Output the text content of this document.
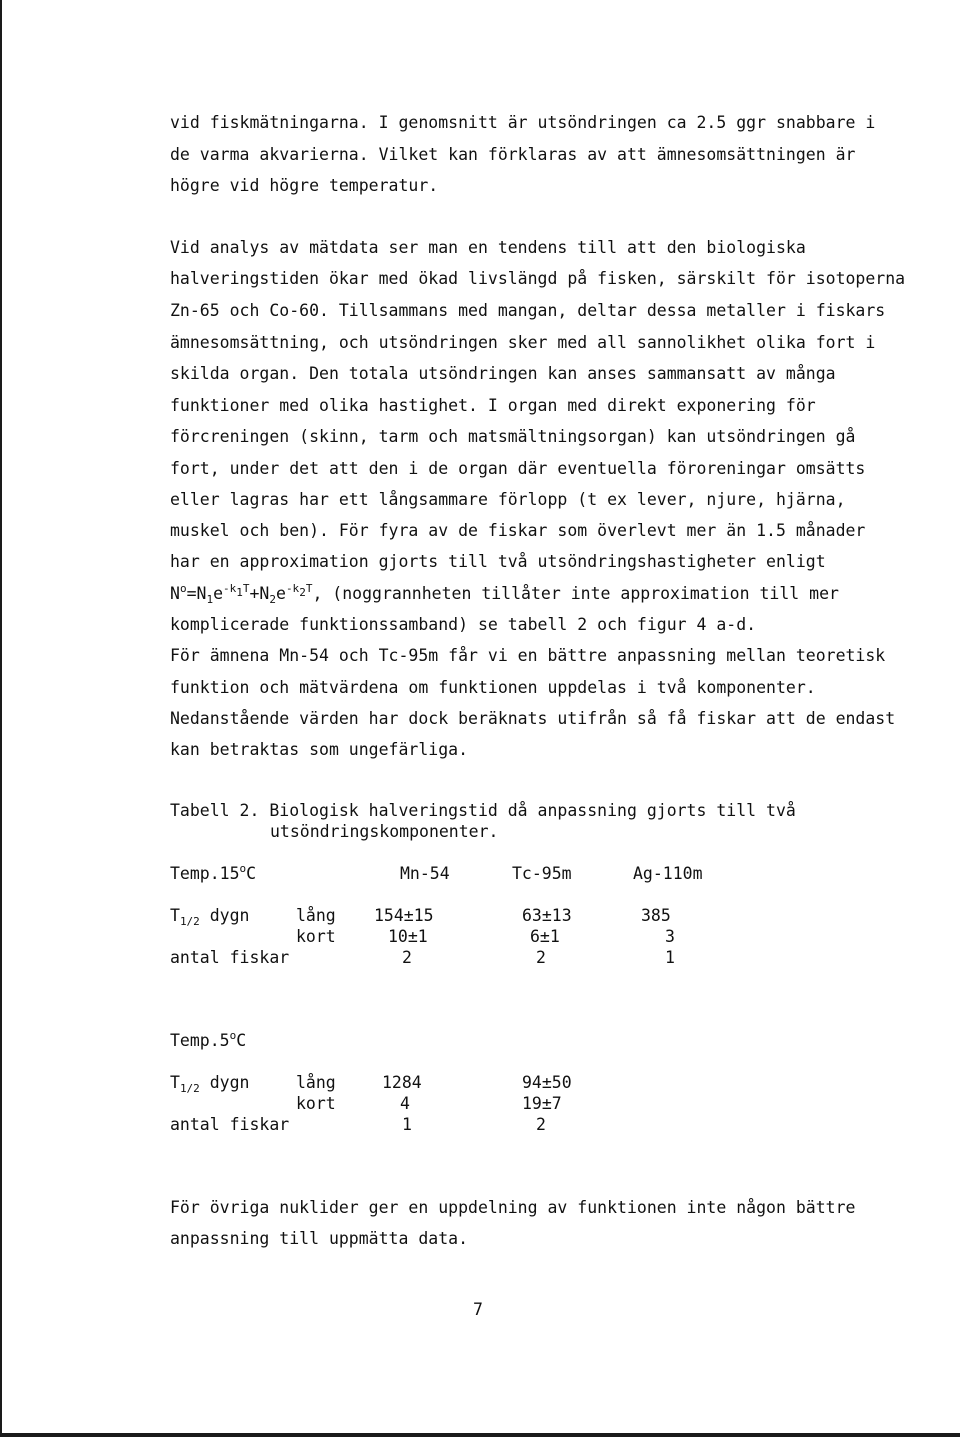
vid fiskmätningarna. I genomsnitt är utsöndringen ca 2.5 ggr snabbare i
de varma akvarierna. Vilket kan förklaras av att ämnesomsättningen är
högre vid högre temperatur.
Vid analys av mätdata ser man en tendens till att den biologiska
halveringstiden ökar med ökad livslängd på fisken, särskilt för isotoperna
Zn-65 och Co-60. Tillsammans med mangan, deltar dessa metaller i fiskars
ämnesomsättning, och utsöndringen sker med all sannolikhet olika fort i
skilda organ. Den totala utsöndringen kan anses sammansatt av många
funktioner med olika hastighet. I organ med direkt exponering för
förcreningen (skinn, tarm och matsmältningsorgan) kan utsöndringen gå
fort, under det att den i de organ där eventuella föroreningar omsätts
eller lagras har ett långsammare förlopp (t ex lever, njure, hjärna,
muskel och ben). För fyra av de fiskar som överlevt mer än 1.5 månader
har en approximation gjorts till två utsöndringshastigheter enligt
$N^o=N_1e^{-k_1T}+N_2e^{-k_2T}$, (noggrannheten tillåter inte approximation till mer
komplicerade funktionssamband) se tabell 2 och figur 4 a-d.
För ämnena Mn-54 och Tc-95m får vi en bättre anpassning mellan teoretisk
funktion och mätvärdena om funktionen uppdelas i två komponenter.
Nedanstående värden har dock beräknats utifrån så få fiskar att de endast
kan betraktas som ungefärliga.
Tabell 2. Biologisk halveringstid då anpassning gjorts till två
utsöndringskomponenter.
Temp.15$^o$C	Mn-54	Tc-95m	Ag-110m
$T_{1/2}$ dygn	lång 154±15	63±13	385
kort	10±1	6±1	3
antal fiskar	2	2	1
Temp.5$^o$C
$T_{1/2}$ dygn	lång	1284	94±50
kort	4	19±7
antal fiskar	1	2
För övriga nuklider ger en uppdelning av funktionen inte någon bättre
anpassning till uppmätta data.
7
